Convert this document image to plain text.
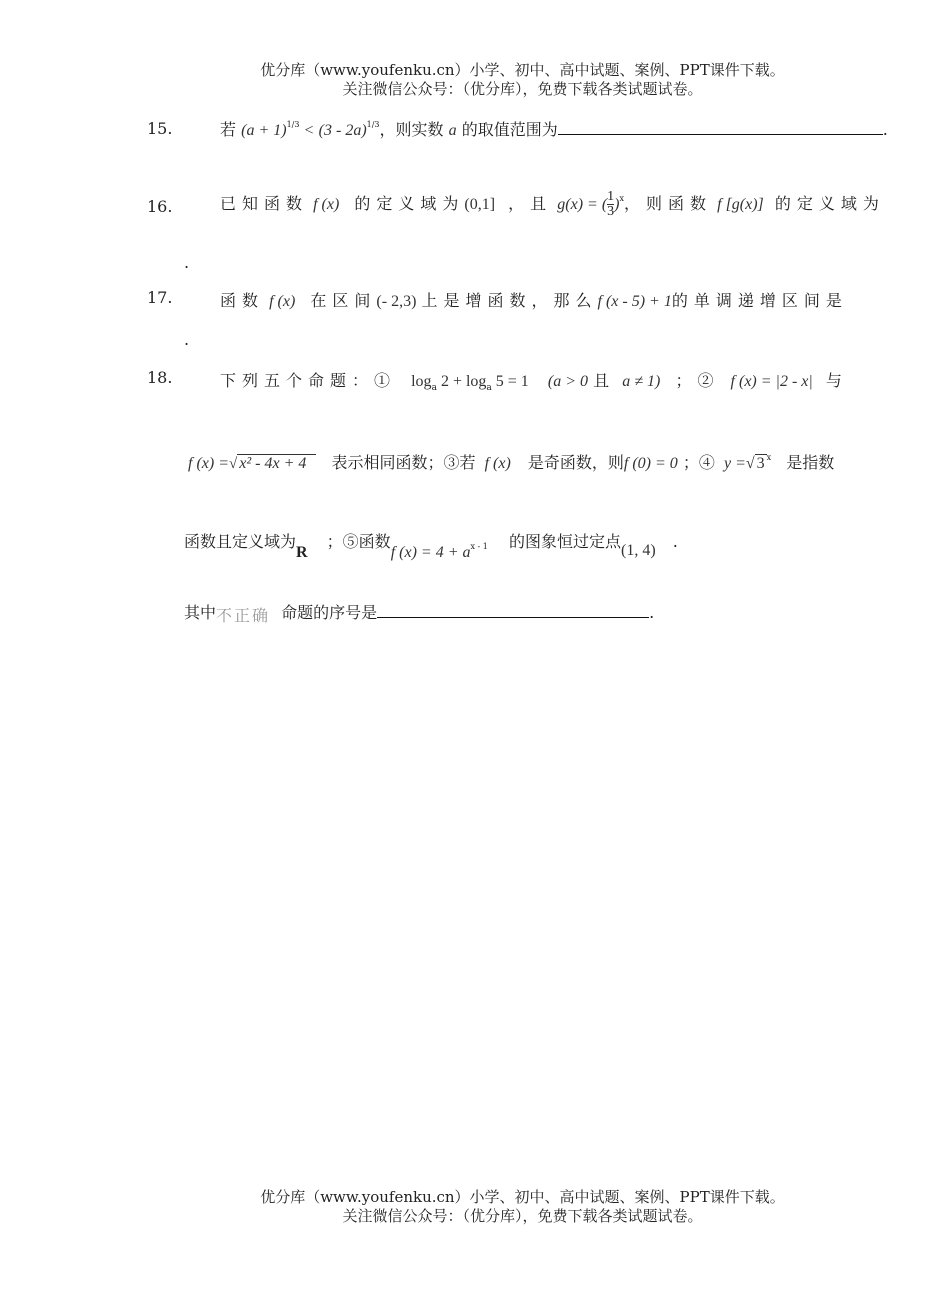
优分库（www.youfenku.cn）小学、初中、高中试题、案例、PPT课件下载。
关注微信公众号：（优分库），免费下载各类试题试卷。
15.	若 $(a + 1)^{1/3} < (3 - 2a)^{1/3}$，则实数 a 的取值范围为	.
16.	已知函数 f (x) 的定义域为(0,1] ，且 g(x) = ( $\frac{1}{3} )^x$，则函数 f [g(x)] 的定义域为
.
17.	函数 f (x) 在区间(- 2,3) 上是增函数，那么f (x - 5) + 1的单调递增区间是
.
18.	下列五个命题：① $\log_a 2 + \log_a 5 = 1$ (a > 0 且 a ≠ 1) ；② f (x) = |2 - x| 与
f (x) =√ x² - 4x + 4 表示相同函数；③若 f (x) 是奇函数，则f (0) = 0 ；④ y =√ 3 $^x$ 是指数
函数且定义域为R ；⑤函数f (x) = 4 + ax - 1 的图象恒过定点(1, 4) .
其中不正确 命题的序号是	.
优分库（www.youfenku.cn）小学、初中、高中试题、案例、PPT课件下载。
关注微信公众号：（优分库），免费下载各类试题试卷。
